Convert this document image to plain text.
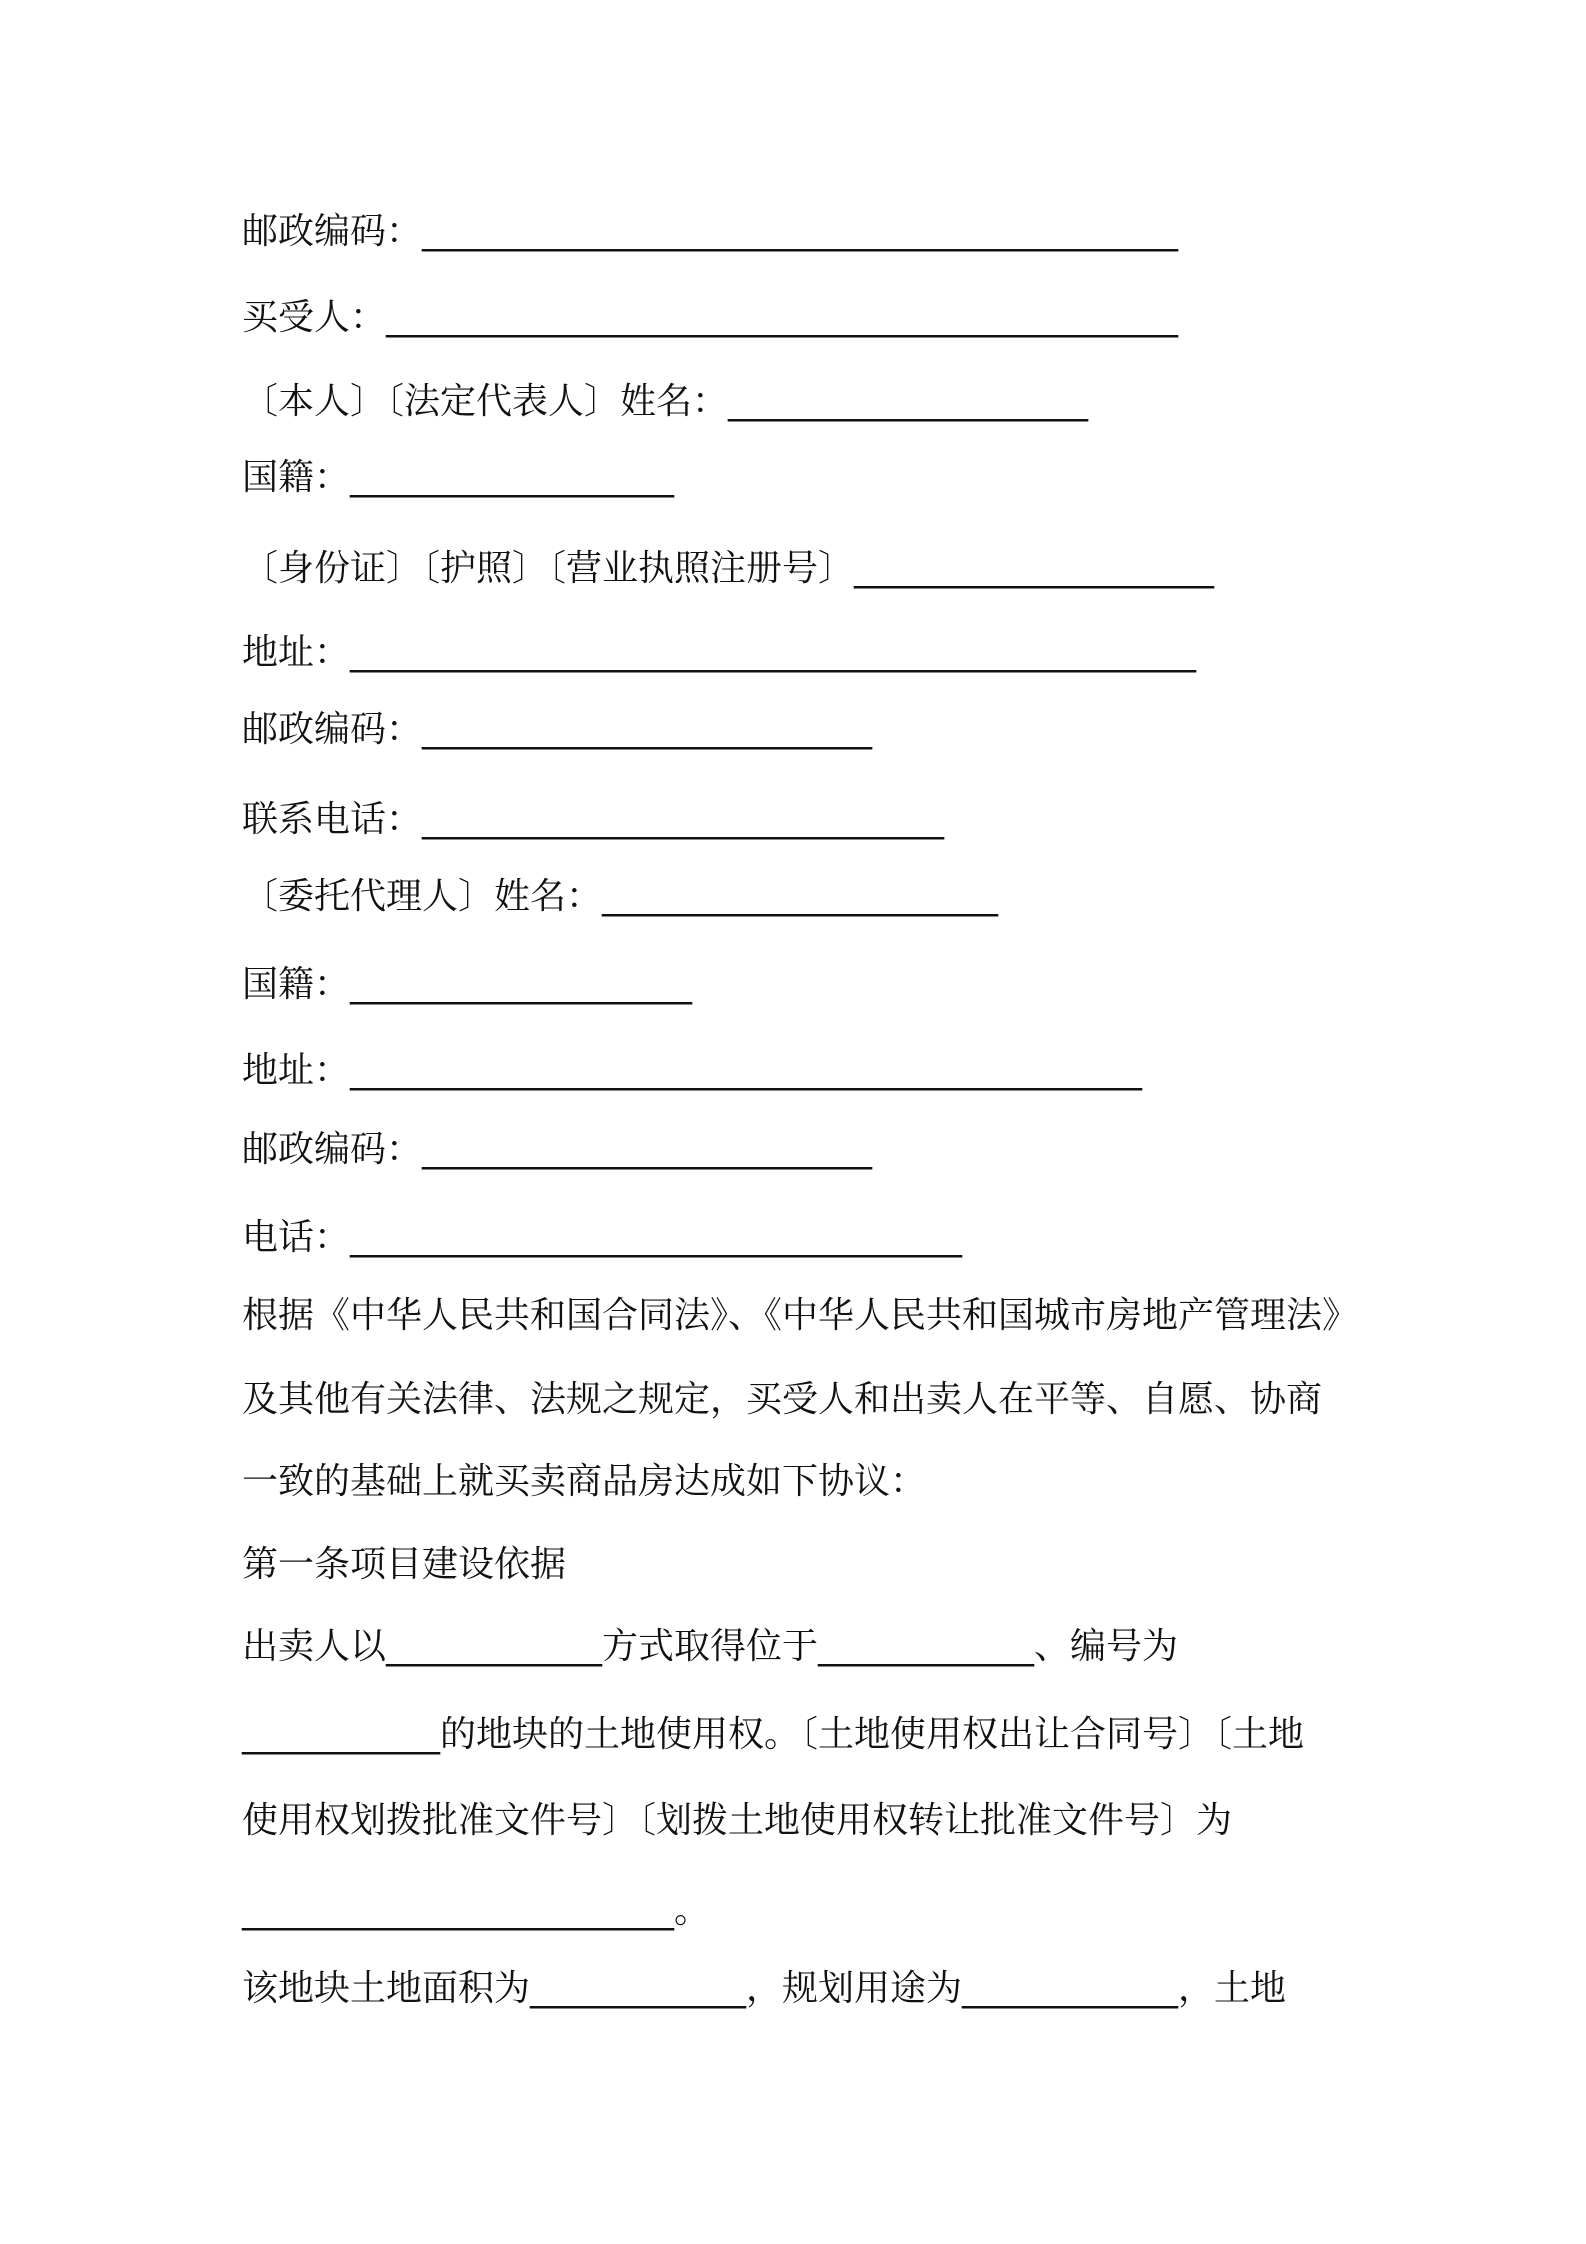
邮政编码：__________________________________________
买受人：____________________________________________
〔本人〕〔法定代表人〕姓名：____________________
国籍：__________________
〔身份证〕〔护照〕〔营业执照注册号〕____________________
地址：_______________________________________________
邮政编码：_________________________
联系电话：_____________________________
〔委托代理人〕姓名：______________________
国籍：___________________
地址：____________________________________________
邮政编码：_________________________
电话：__________________________________
根据《中华人民共和国合同法》、《中华人民共和国城市房地产管理法》
及其他有关法律、法规之规定，买受人和出卖人在平等、自愿、协商
一致的基础上就买卖商品房达成如下协议：
第一条项目建设依据
出卖人以____________方式取得位于____________、编号为
___________的地块的土地使用权。〔土地使用权出让合同号〕〔土地
使用权划拨批准文件号〕〔划拨土地使用权转让批准文件号〕为
________________________。
该地块土地面积为____________，规划用途为____________，土地
